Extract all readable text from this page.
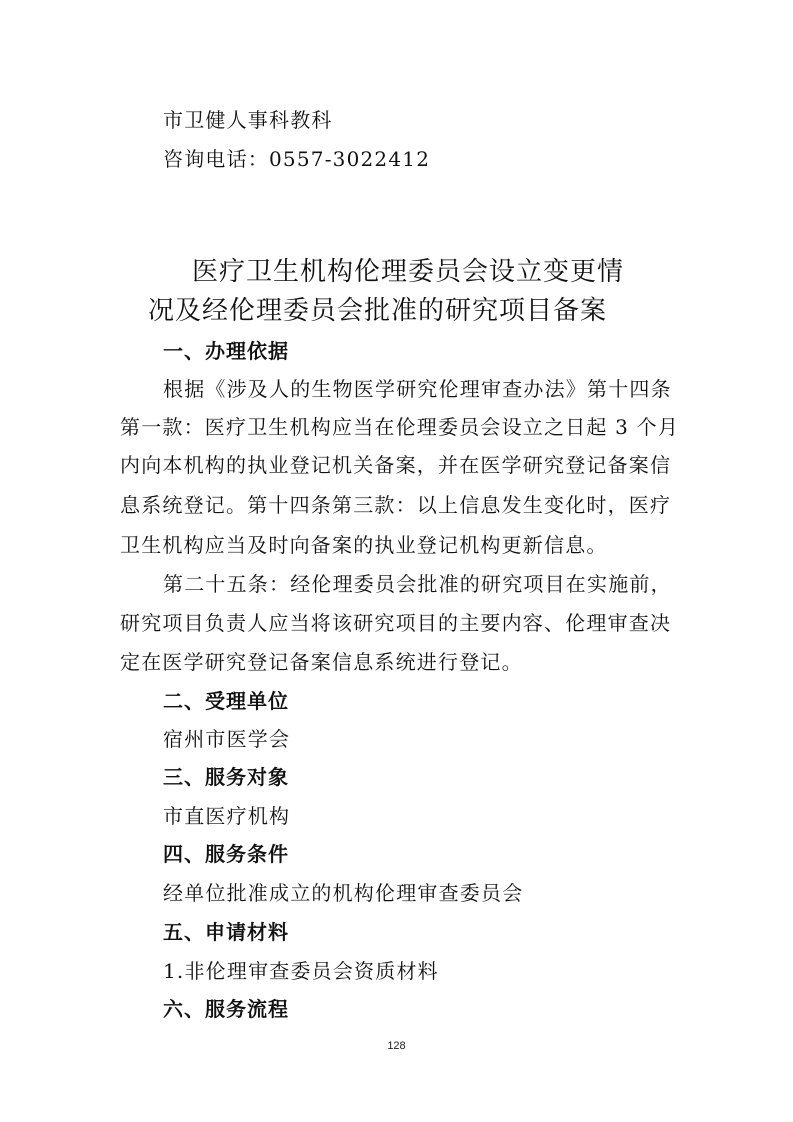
市卫健人事科教科
咨询电话：0557-3022412
医疗卫生机构伦理委员会设立变更情
况及经伦理委员会批准的研究项目备案
一、办理依据
根据《涉及人的生物医学研究伦理审查办法》第十四条
第一款：医疗卫生机构应当在伦理委员会设立之日起 3 个月
内向本机构的执业登记机关备案，并在医学研究登记备案信
息系统登记。第十四条第三款：以上信息发生变化时，医疗
卫生机构应当及时向备案的执业登记机构更新信息。
第二十五条：经伦理委员会批准的研究项目在实施前，
研究项目负责人应当将该研究项目的主要内容、伦理审查决
定在医学研究登记备案信息系统进行登记。
二、受理单位
宿州市医学会
三、服务对象
市直医疗机构
四、服务条件
经单位批准成立的机构伦理审查委员会
五、申请材料
1.非伦理审查委员会资质材料
六、服务流程
128
